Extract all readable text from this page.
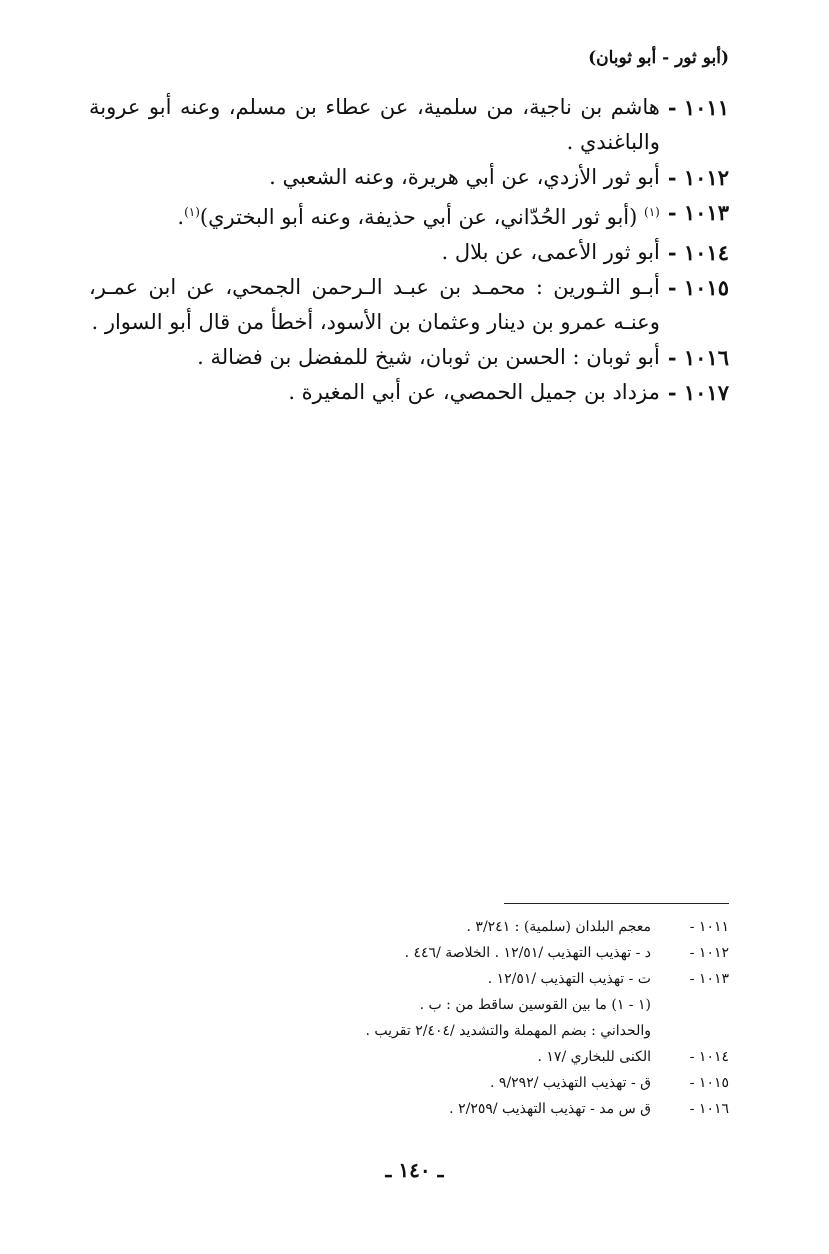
(أبو ثور - أبو ثوبان)
١٠١١ -
هاشم بن ناجية، من سلمية، عن عطاء بن مسلم، وعنه أبو عروبة والباغندي .
١٠١٢ -
أبو ثور الأزدي، عن أبي هريرة، وعنه الشعبي .
١٠١٣ -
$^{(١)}$ (أبو ثور الحُدّاني، عن أبي حذيفة، وعنه أبو البختري)$^{(١)}$.
١٠١٤ -
أبو ثور الأعمى، عن بلال .
١٠١٥ -
أبـو الثـورين : محمـد بن عبـد الـرحمن الجمحي، عن ابن عمـر، وعنـه عمرو بن دينار وعثمان بن الأسود، أخطأ من قال أبو السوار .
١٠١٦ -
أبو ثوبان : الحسن بن ثوبان، شيخ للمفضل بن فضالة .
١٠١٧ -
مزداد بن جميل الحمصي، عن أبي المغيرة .
١٠١١ -
معجم البلدان (سلمية) : ٣/٢٤١ .
١٠١٢ -
د - تهذيب التهذيب /١٢/٥١ . الخلاصة /٤٤٦ .
١٠١٣ -
ت - تهذيب التهذيب /١٢/٥١ .
(١ - ١) ما بين القوسين ساقط من : ب .
والحداني : بضم المهملة والتشديد /٢/٤٠٤ تقريب .
١٠١٤ -
الكنى للبخاري /١٧ .
١٠١٥ -
ق - تهذيب التهذيب /٩/٢٩٢ .
١٠١٦ -
ق س مد - تهذيب التهذيب /٢/٢٥٩ .
ـ ١٤٠ ـ
